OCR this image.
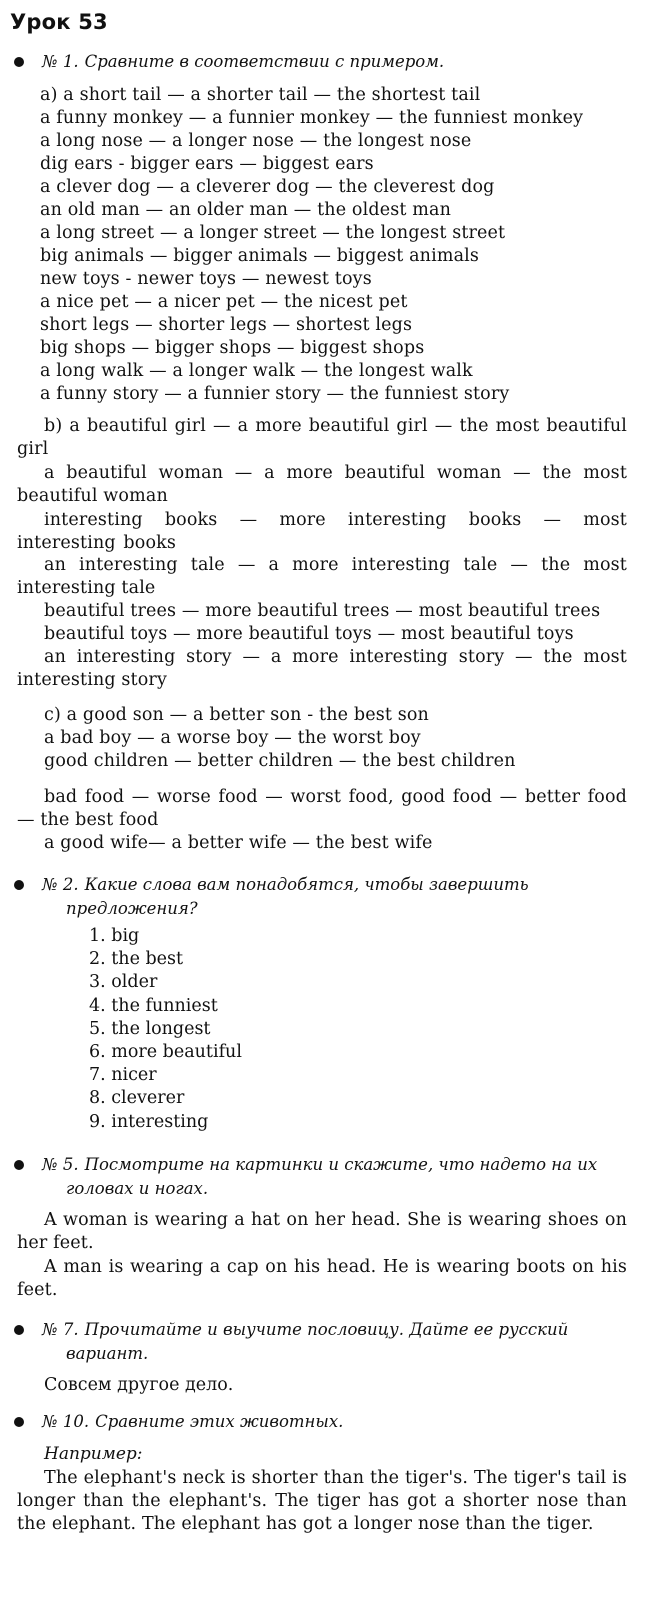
Урок 53
№ 1. Сравните в соответствии с примером.
a) a short tail — a shorter tail — the shortest tail
a funny monkey — a funnier monkey — the funniest monkey
a long nose — a longer nose — the longest nose
dig ears - bigger ears — biggest ears
a clever dog — a cleverer dog — the cleverest dog
an old man — an older man — the oldest man
a long street — a longer street — the longest street
big animals — bigger animals — biggest animals
new toys - newer toys — newest toys
a nice pet — a nicer pet — the nicest pet
short legs — shorter legs — shortest legs
big shops — bigger shops — biggest shops
a long walk — a longer walk — the longest walk
a funny story — a funnier story — the funniest story
b) a beautiful girl — a more beautiful girl — the most beautiful girl
a beautiful woman — a more beautiful woman — the most beautiful woman
interesting books — more interesting books — most interesting books
an interesting tale — a more interesting tale — the most interesting tale
beautiful trees — more beautiful trees — most beautiful trees
beautiful toys — more beautiful toys — most beautiful toys
an interesting story — a more interesting story — the most interesting story
c) a good son — a better son - the best son
a bad boy — a worse boy — the worst boy
good children — better children — the best children
bad food — worse food — worst food, good food — better food — the best food
a good wife— a better wife — the best wife
№ 2. Какие слова вам понадобятся, чтобы завершить предложения?
1. big
2. the best
3. older
4. the funniest
5. the longest
6. more beautiful
7. nicer
8. cleverer
9. interesting
№ 5. Посмотрите на картинки и скажите, что надето на их головах и ногах.
A woman is wearing a hat on her head. She is wearing shoes on her feet.
A man is wearing a cap on his head. He is wearing boots on his feet.
№ 7. Прочитайте и выучите пословицу. Дайте ее русский вариант.
Совсем другое дело.
№ 10. Сравните этих животных.
Например:
The elephant's neck is shorter than the tiger's. The tiger's tail is longer than the elephant's. The tiger has got a shorter nose than the elephant. The elephant has got a longer nose than the tiger.
